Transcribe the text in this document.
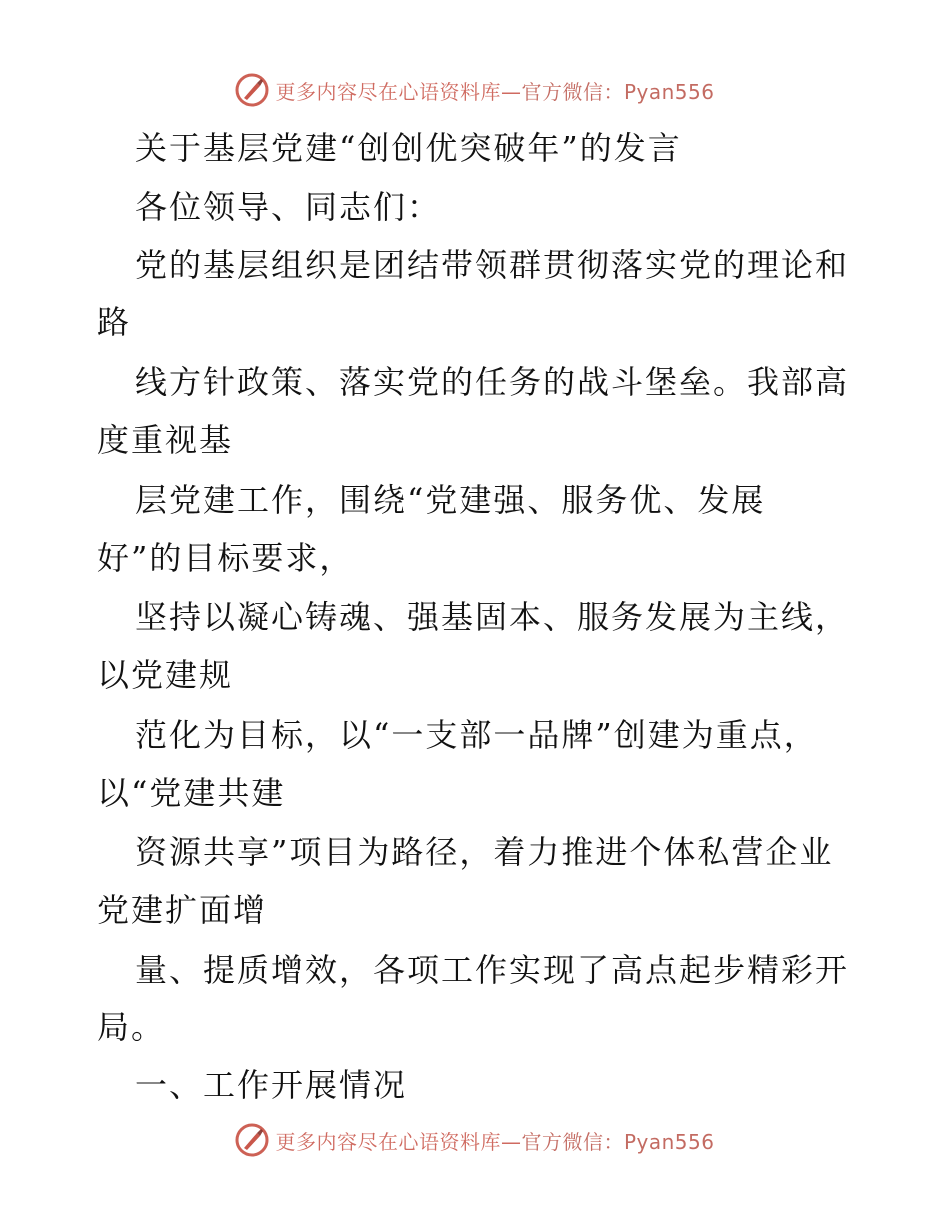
更多内容尽在心语资料库—官方微信：Pyan556
关于基层党建“创创优突破年”的发言
各位领导、同志们：
党的基层组织是团结带领群贯彻落实党的理论和
路
线方针政策、落实党的任务的战斗堡垒。我部高
度重视基
层党建工作，围绕“党建强、服务优、发展
好”的目标要求，
坚持以凝心铸魂、强基固本、服务发展为主线，
以党建规
范化为目标，以“一支部一品牌”创建为重点，
以“党建共建
资源共享”项目为路径，着力推进个体私营企业
党建扩面增
量、提质增效，各项工作实现了高点起步精彩开
局。
一、工作开展情况
更多内容尽在心语资料库—官方微信：Pyan556
